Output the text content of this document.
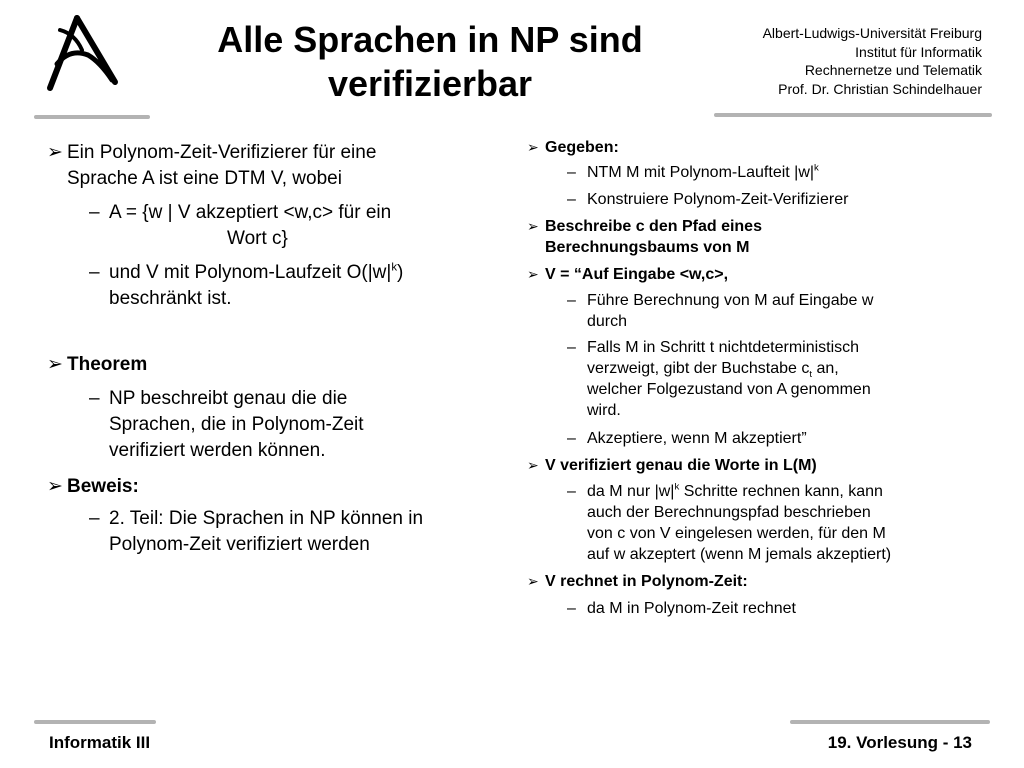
Alle Sprachen in NP sind
verifizierbar
Albert-Ludwigs-Universität Freiburg
Institut für Informatik
Rechnernetze und Telematik
Prof. Dr. Christian Schindelhauer
➢ Ein Polynom-Zeit-Verifizierer für eine
Sprache A ist eine DTM V, wobei
– A = {w | V akzeptiert <w,c> für ein
Wort c}
– und V mit Polynom-Laufzeit $O(|w|^k)$
beschränkt ist.
➢ Theorem
– NP beschreibt genau die die
Sprachen, die in Polynom-Zeit
verifiziert werden können.
➢ Beweis:
– 2. Teil: Die Sprachen in NP können in
Polynom-Zeit verifiziert werden
➢ Gegeben:
– NTM M mit Polynom-Laufteit $|w|^k$
– Konstruiere Polynom-Zeit-Verifizierer
➢ Beschreibe c den Pfad eines
Berechnungsbaums von M
➢ V = “Auf Eingabe <w,c>,
– Führe Berechnung von M auf Eingabe w
durch
– Falls M in Schritt t nichtdeterministisch
verzweigt, gibt der Buchstabe $c_t$ an,
welcher Folgezustand von A genommen
wird.
– Akzeptiere, wenn M akzeptiert”
➢ V verifiziert genau die Worte in L(M)
– da M nur $|w|^k$ Schritte rechnen kann, kann
auch der Berechnungspfad beschrieben
von c von V eingelesen werden, für den M
auf w akzeptert (wenn M jemals akzeptiert)
➢ V rechnet in Polynom-Zeit:
– da M in Polynom-Zeit rechnet
Informatik III	19. Vorlesung - 13
